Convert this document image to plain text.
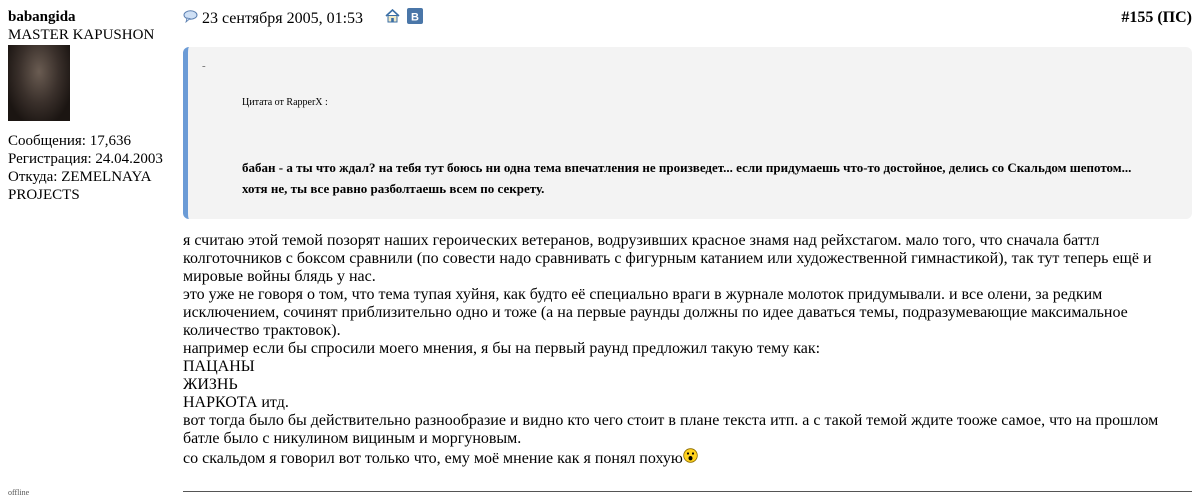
babangida
MASTER KAPUSHON
Сообщения: 17,636
Регистрация: 24.04.2003
Откуда: ZEMELNAYA PROJECTS
offline
23 сентября 2005, 01:53	В	#155 (ПС)
-
Цитата от RapperX :
бабан - а ты что ждал? на тебя тут боюсь ни одна тема впечатления не произведет... если придумаешь что-то достойное, делись со Скальдом шепотом... хотя не, ты все равно разболтаешь всем по секрету.

я считаю этой темой позорят наших героических ветеранов, водрузивших красное знамя над рейхстагом. мало того, что сначала баттл колготочников с боксом сравнили (по совести надо сравнивать с фигурным катанием или художественной гимнастикой), так тут теперь ещё и мировые войны блядь у нас.

это уже не говоря о том, что тема тупая хуйня, как будто её специально враги в журнале молоток придумывали. и все олени, за редким исключением, сочинят приблизительно одно и тоже (а на первые раунды должны по идее даваться темы, подразумевающие максимальное количество трактовок).

например если бы спросили моего мнения, я бы на первый раунд предложил такую тему как:

ПАЦАНЫ

ЖИЗНЬ

НАРКОТА итд.

вот тогда было бы действительно разнообразие и видно кто чего стоит в плане текста итп. а с такой темой ждите тооже самое, что на прошлом батле было с никулином вициным и моргуновым.

со скальдом я говорил вот только что, ему моё мнение как я понял похую
